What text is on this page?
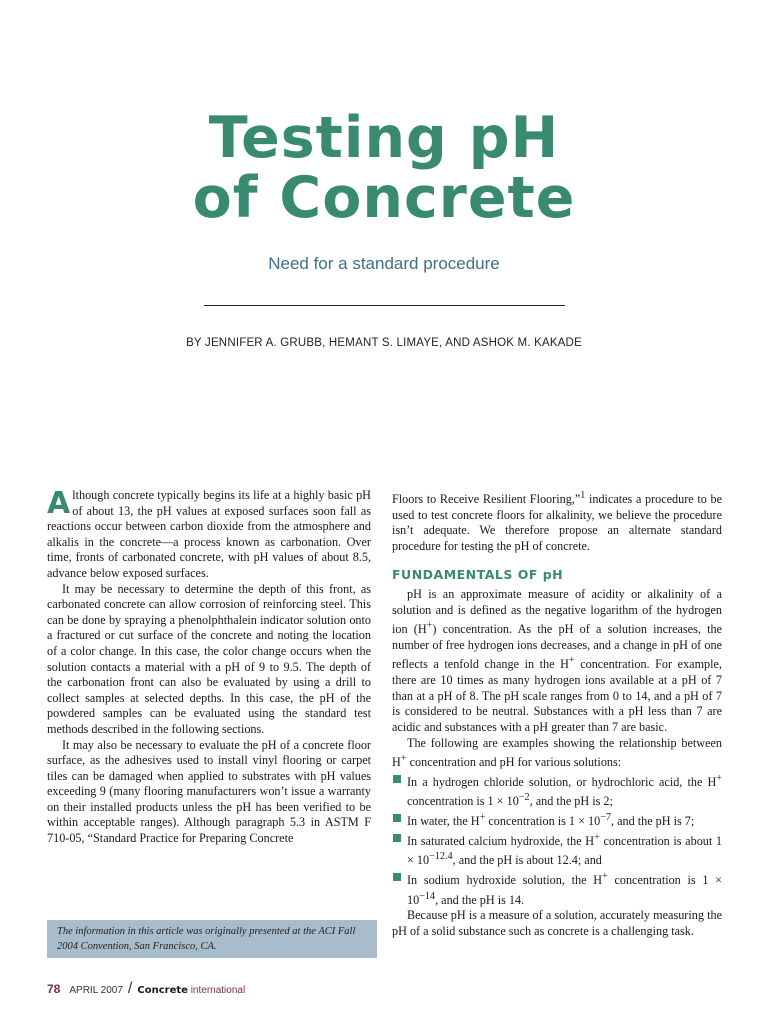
Testing pH
of Concrete
Need for a standard procedure
BY JENNIFER A. GRUBB, HEMANT S. LIMAYE, AND ASHOK M. KAKADE

Although concrete typically begins its life at a highly basic pH of about 13, the pH values at exposed surfaces soon fall as reactions occur between carbon dioxide from the atmosphere and alkalis in the concrete—a process known as carbonation. Over time, fronts of carbonated concrete, with pH values of about 8.5, advance below exposed surfaces.

It may be necessary to determine the depth of this front, as carbonated concrete can allow corrosion of reinforcing steel. This can be done by spraying a phenolphthalein indicator solution onto a fractured or cut surface of the concrete and noting the location of a color change. In this case, the color change occurs when the solution contacts a material with a pH of 9 to 9.5. The depth of the carbonation front can also be evaluated by using a drill to collect samples at selected depths. In this case, the pH of the powdered samples can be evaluated using the standard test methods described in the following sections.

It may also be necessary to evaluate the pH of a concrete floor surface, as the adhesives used to install vinyl flooring or carpet tiles can be damaged when applied to substrates with pH values exceeding 9 (many flooring manufacturers won’t issue a warranty on their installed products unless the pH has been verified to be within acceptable ranges). Although paragraph 5.3 in ASTM F 710-05, “Standard Practice for Preparing Concrete

Floors to Receive Resilient Flooring,”$^1$ indicates a procedure to be used to test concrete floors for alkalinity, we believe the procedure isn’t adequate. We therefore propose an alternate standard procedure for testing the pH of concrete.

FUNDAMENTALS OF pH

pH is an approximate measure of acidity or alkalinity of a solution and is defined as the negative logarithm of the hydrogen ion (H+) concentration. As the pH of a solution increases, the number of free hydrogen ions decreases, and a change in pH of one reflects a tenfold change in the H+ concentration. For example, there are 10 times as many hydrogen ions available at a pH of 7 than at a pH of 8. The pH scale ranges from 0 to 14, and a pH of 7 is considered to be neutral. Substances with a pH less than 7 are acidic and substances with a pH greater than 7 are basic.

The following are examples showing the relationship between H+ concentration and pH for various solutions:

In a hydrogen chloride solution, or hydrochloric acid, the H+ concentration is $1 \times 10^{-2}$, and the pH is 2;
In water, the H+ concentration is $1 \times 10^{-7}$, and the pH is 7;
In saturated calcium hydroxide, the H+ concentration is about $1 \times 10^{-12.4}$, and the pH is about 12.4; and
In sodium hydroxide solution, the H+ concentration is $1 \times 10^{-14}$, and the pH is 14.

Because pH is a measure of a solution, accurately measuring the pH of a solid substance such as concrete is a challenging task.

The information in this article was originally presented at the ACI Fall 2004 Convention, San Francisco, CA.

78 APRIL 2007 / Concrete international
